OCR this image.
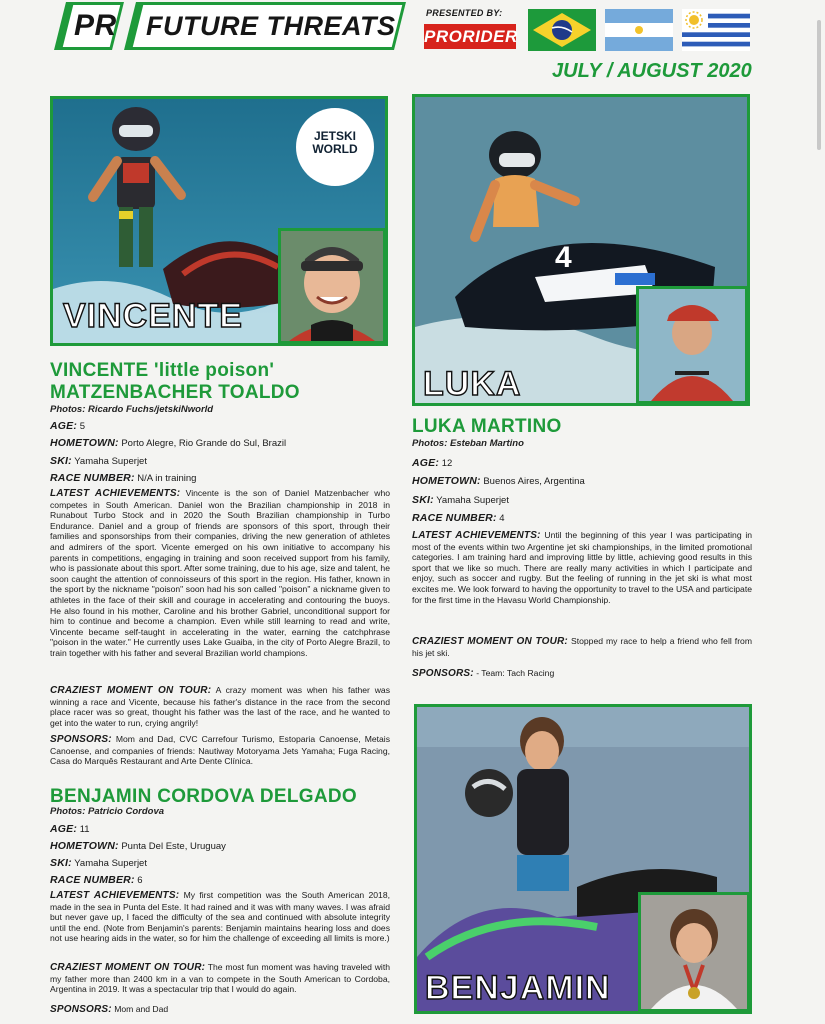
PR FUTURE THREATS	PRESENTED BY:
PRORIDER
JULY / AUGUST 2020
VINCENTE
JETSKI
WORLD
4
LUKA
BENJAMIN
VINCENTE 'little poison'
MATZENBACHER TOALDO
Photos: Ricardo Fuchs/jetskiNworld
AGE: 5
HOMETOWN: Porto Alegre, Rio Grande do Sul, Brazil
SKI: Yamaha Superjet
RACE NUMBER: N/A in training
LATEST ACHIEVEMENTS: Vincente is the son of Daniel Matzenbacher who competes in South American. Daniel won the Brazilian championship in 2018 in Runabout Turbo Stock and in 2020 the South Brazilian championship in Turbo Endurance. Daniel and a group of friends are sponsors of this sport, through their families and sponsorships from their companies, driving the new generation of athletes and admirers of the sport. Vicente emerged on his own initiative to accompany his parents in competitions, engaging in training and soon received support from his family, who is passionate about this sport. After some training, due to his age, size and talent, he soon caught the attention of connoisseurs of this sport in the region. His father, known in the sport by the nickname "poison" soon had his son called "poison" a nickname given to athletes in the face of their skill and courage in accelerating and contouring the buoys. He also found in his mother, Caroline and his brother Gabriel, unconditional support for him to continue and become a champion. Even while still learning to read and write, Vincente became self-taught in accelerating in the water, earning the catchphrase "poison in the water." He currently uses Lake Guaiba, in the city of Porto Alegre Brazil, to train together with his father and several Brazilian world champions.
CRAZIEST MOMENT ON TOUR: A crazy moment was when his father was winning a race and Vicente, because his father's distance in the race from the second place racer was so great, thought his father was the last of the race, and he wanted to get into the water to run, crying angrily!
SPONSORS: Mom and Dad, CVC Carrefour Turismo, Estoparia Canoense, Metais Canoense, and companies of friends: Nautiway Motoryama Jets Yamaha; Fuga Racing, Casa do Marquês Restaurant and Arte Dente Clínica.
LUKA MARTINO
Photos: Esteban Martino
AGE: 12
HOMETOWN: Buenos Aires, Argentina
SKI: Yamaha Superjet
RACE NUMBER: 4
LATEST ACHIEVEMENTS: Until the beginning of this year I was participating in most of the events within two Argentine jet ski championships, in the limited promotional categories. I am training hard and improving little by little, achieving good results in this sport that we like so much. There are really many activities in which I participate and enjoy, such as soccer and rugby. But the feeling of running in the jet ski is what most excites me. We look forward to having the opportunity to travel to the USA and participate for the first time in the Havasu World Championship.
CRAZIEST MOMENT ON TOUR: Stopped my race to help a friend who fell from his jet ski.
SPONSORS: - Team: Tach Racing
BENJAMIN CORDOVA DELGADO
Photos: Patricio Cordova
AGE: 11
HOMETOWN: Punta Del Este, Uruguay
SKI: Yamaha Superjet
RACE NUMBER: 6
LATEST ACHIEVEMENTS: My first competition was the South American 2018, made in the sea in Punta del Este. It had rained and it was with many waves. I was afraid but never gave up, I faced the difficulty of the sea and continued with absolute integrity until the end. (Note from Benjamin's parents: Benjamin maintains hearing loss and does not use hearing aids in the water, so for him the challenge of exceeding all limits is more.)
CRAZIEST MOMENT ON TOUR: The most fun moment was having traveled with my father more than 2400 km in a van to compete in the South American to Cordoba, Argentina in 2019. It was a spectacular trip that I would do again.
SPONSORS: Mom and Dad
